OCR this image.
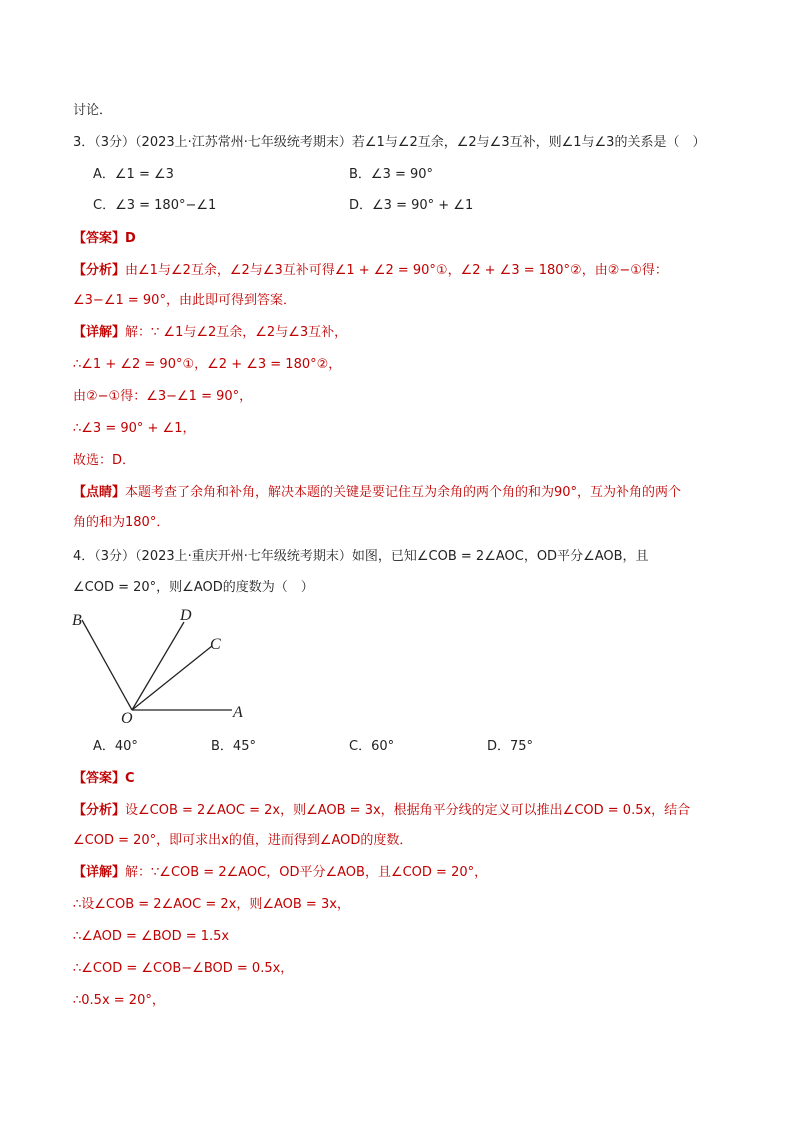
讨论．
3．（3分）（2023上·江苏常州·七年级统考期末）若∠1与∠2互余，∠2与∠3互补，则∠1与∠3的关系是（　）
A．∠1 = ∠3	B．∠3 = 90°
C．∠3 = 180°−∠1	D．∠3 = 90° + ∠1
【答案】D
【分析】由∠1与∠2互余，∠2与∠3互补可得∠1 + ∠2 = 90°①，∠2 + ∠3 = 180°②，由②−①得：
∠3−∠1 = 90°，由此即可得到答案．
【详解】解：∵ ∠1与∠2互余，∠2与∠3互补，
∴∠1 + ∠2 = 90°①，∠2 + ∠3 = 180°②，
由②−①得：∠3−∠1 = 90°，
∴∠3 = 90° + ∠1，
故选：D．
【点睛】本题考查了余角和补角，解决本题的关键是要记住互为余角的两个角的和为90°，互为补角的两个
角的和为180°．
4．（3分）（2023上·重庆开州·七年级统考期末）如图，已知∠COB = 2∠AOC，OD平分∠AOB，且
∠COD = 20°，则∠AOD的度数为（　）
B	D
C
O	A
A．40°	B．45°	C．60°	D．75°
【答案】C
【分析】设∠COB = 2∠AOC = 2x，则∠AOB = 3x，根据角平分线的定义可以推出∠COD = 0.5x，结合
∠COD = 20°，即可求出x的值，进而得到∠AOD的度数．
【详解】解：∵∠COB = 2∠AOC，OD平分∠AOB，且∠COD = 20°，
∴设∠COB = 2∠AOC = 2x，则∠AOB = 3x，
∴∠AOD = ∠BOD = 1.5x
∴∠COD = ∠COB−∠BOD = 0.5x，
∴0.5x = 20°，
